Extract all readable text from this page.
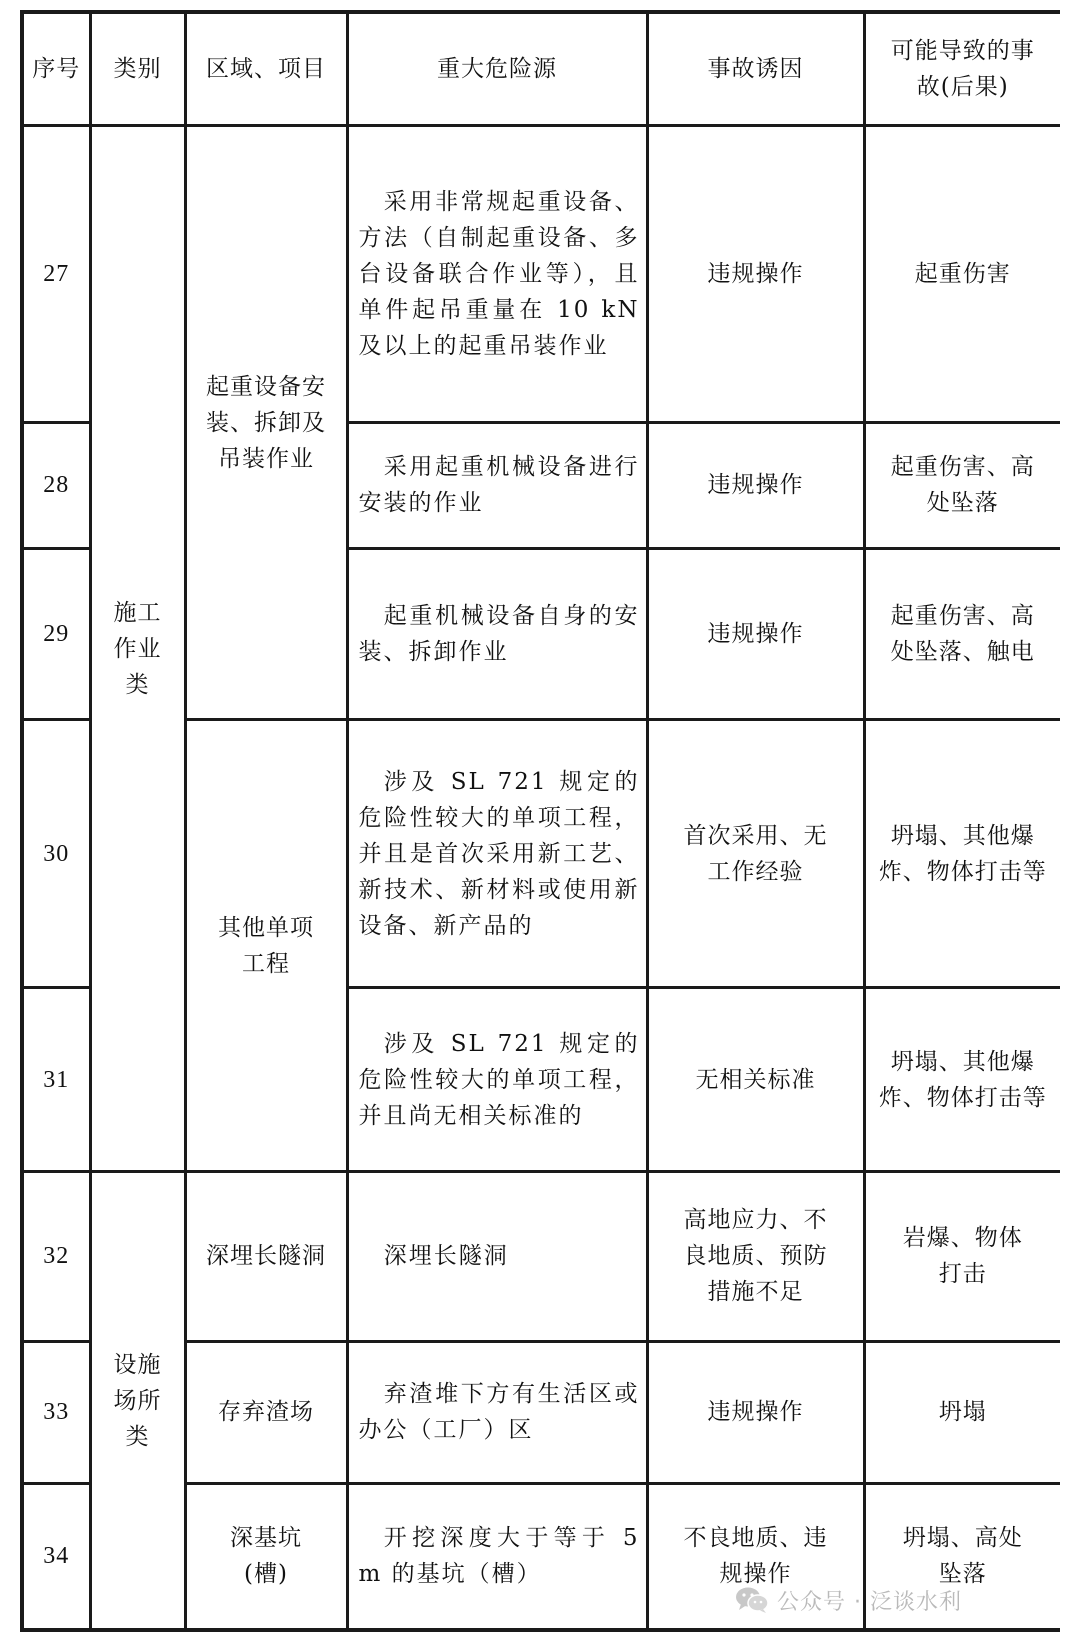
序号	类别	区域、项目	重大危险源	事故诱因	可能导致的事故(后果)
27	施工作业类	起重设备安装、拆卸及吊装作业	采用非常规起重设备、方法（自制起重设备、多台设备联合作业等），且单件起吊重量在 10 kN 及以上的起重吊装作业	违规操作	起重伤害
28			采用起重机械设备进行安装的作业	违规操作	起重伤害、高处坠落
29			起重机械设备自身的安装、拆卸作业	违规操作	起重伤害、高处坠落、触电
30		其他单项工程	涉及 SL 721 规定的危险性较大的单项工程，并且是首次采用新工艺、新技术、新材料或使用新设备、新产品的	首次采用、无工作经验	坍塌、其他爆炸、物体打击等
31			涉及 SL 721 规定的危险性较大的单项工程，并且尚无相关标准的	无相关标准	坍塌、其他爆炸、物体打击等
32	设施场所类	深埋长隧洞	深埋长隧洞	高地应力、不良地质、预防措施不足	岩爆、物体打击
33		存弃渣场	弃渣堆下方有生活区或办公（工厂）区	违规操作	坍塌
34		深基坑(槽)	开挖深度大于等于 5 m 的基坑（槽）	不良地质、违规操作	坍塌、高处坠落
公众号 · 泛谈水利
